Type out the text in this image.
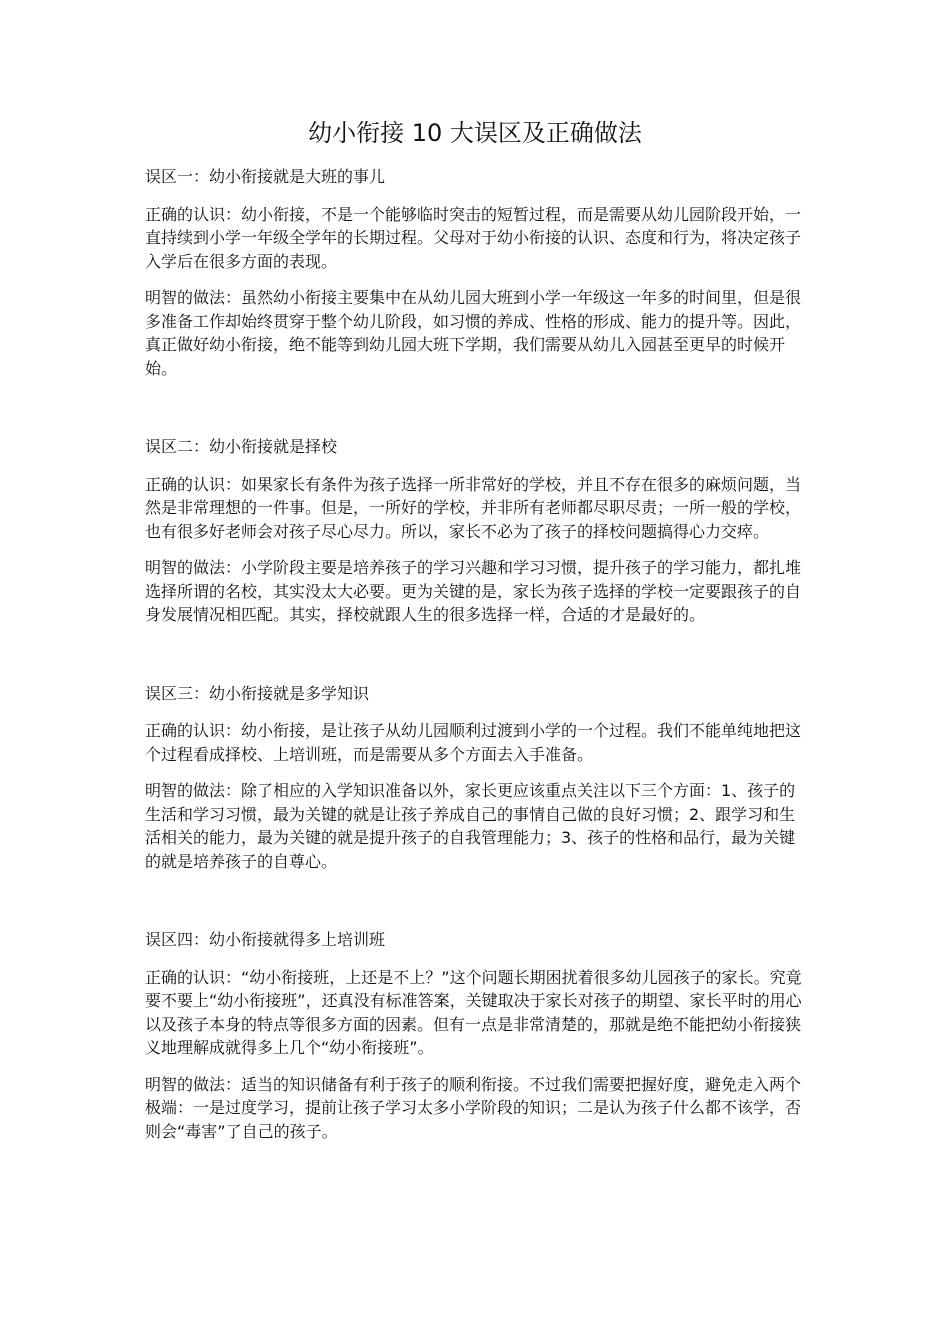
幼小衔接 10 大误区及正确做法

误区一：幼小衔接就是大班的事儿

正确的认识：幼小衔接，不是一个能够临时突击的短暂过程，而是需要从幼儿园阶段开始，一直持续到小学一年级全学年的长期过程。父母对于幼小衔接的认识、态度和行为，将决定孩子入学后在很多方面的表现。

明智的做法：虽然幼小衔接主要集中在从幼儿园大班到小学一年级这一年多的时间里，但是很多准备工作却始终贯穿于整个幼儿阶段，如习惯的养成、性格的形成、能力的提升等。因此，真正做好幼小衔接，绝不能等到幼儿园大班下学期，我们需要从幼儿入园甚至更早的时候开始。

误区二：幼小衔接就是择校

正确的认识：如果家长有条件为孩子选择一所非常好的学校，并且不存在很多的麻烦问题，当然是非常理想的一件事。但是，一所好的学校，并非所有老师都尽职尽责；一所一般的学校，也有很多好老师会对孩子尽心尽力。所以，家长不必为了孩子的择校问题搞得心力交瘁。

明智的做法：小学阶段主要是培养孩子的学习兴趣和学习习惯，提升孩子的学习能力，都扎堆选择所谓的名校，其实没太大必要。更为关键的是，家长为孩子选择的学校一定要跟孩子的自身发展情况相匹配。其实，择校就跟人生的很多选择一样，合适的才是最好的。

误区三：幼小衔接就是多学知识

正确的认识：幼小衔接，是让孩子从幼儿园顺利过渡到小学的一个过程。我们不能单纯地把这个过程看成择校、上培训班，而是需要从多个方面去入手准备。

明智的做法：除了相应的入学知识准备以外，家长更应该重点关注以下三个方面：1、孩子的生活和学习习惯，最为关键的就是让孩子养成自己的事情自己做的良好习惯；2、跟学习和生活相关的能力，最为关键的就是提升孩子的自我管理能力；3、孩子的性格和品行，最为关键的就是培养孩子的自尊心。

误区四：幼小衔接就得多上培训班

正确的认识：“幼小衔接班，上还是不上？”这个问题长期困扰着很多幼儿园孩子的家长。究竟要不要上“幼小衔接班”，还真没有标准答案，关键取决于家长对孩子的期望、家长平时的用心以及孩子本身的特点等很多方面的因素。但有一点是非常清楚的，那就是绝不能把幼小衔接狭义地理解成就得多上几个“幼小衔接班”。

明智的做法：适当的知识储备有利于孩子的顺利衔接。不过我们需要把握好度，避免走入两个极端：一是过度学习，提前让孩子学习太多小学阶段的知识；二是认为孩子什么都不该学，否则会“毒害”了自己的孩子。
